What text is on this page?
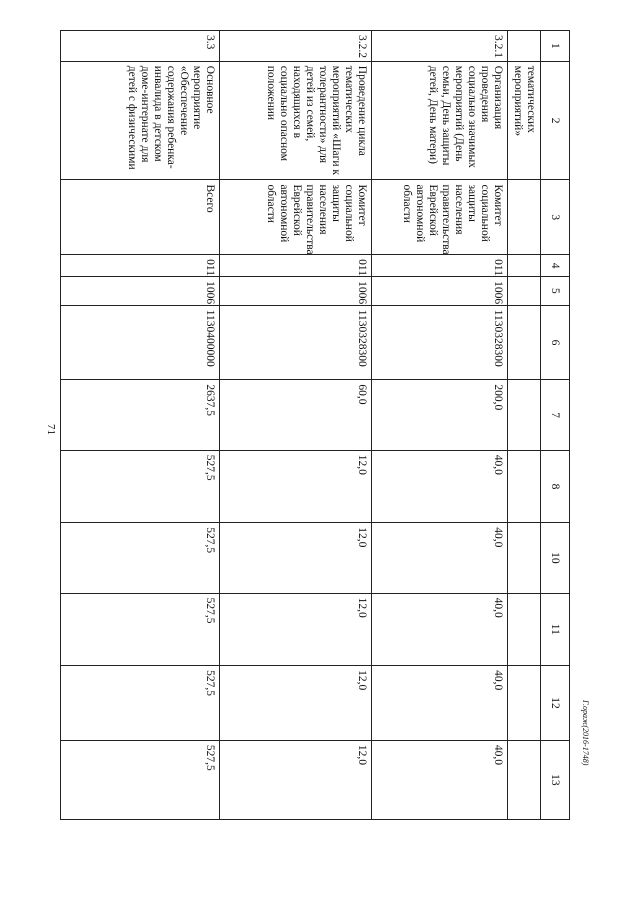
71
Г.ораж(2016-1748)
1	2	3	4	5	6	7	8	10	11	12	13
	тематических мероприятий»										
3.2.1	Организация проведения социально значимых мероприятий (День семьи, День защиты детей, День матери)	Комитет социальной защиты населения правительства Еврейской автономной области	011	1006	1130328300	200,0	40,0	40,0	40,0	40,0	40,0
3.2.2	Проведение цикла тематических мероприятий «Шаги к толерантности» для детей из семей, находящихся в социально опасном положении	Комитет социальной защиты населения правительства Еврейской автономной области	011	1006	1130328300	60,0	12,0	12,0	12,0	12,0	12,0
3.3	Основное мероприятие «Обеспечение содержания ребенка-инвалида в детском доме-интернате для детей с физическими	Всего	011	1006	1130400000	2637,5	527,5	527,5	527,5	527,5	527,5
